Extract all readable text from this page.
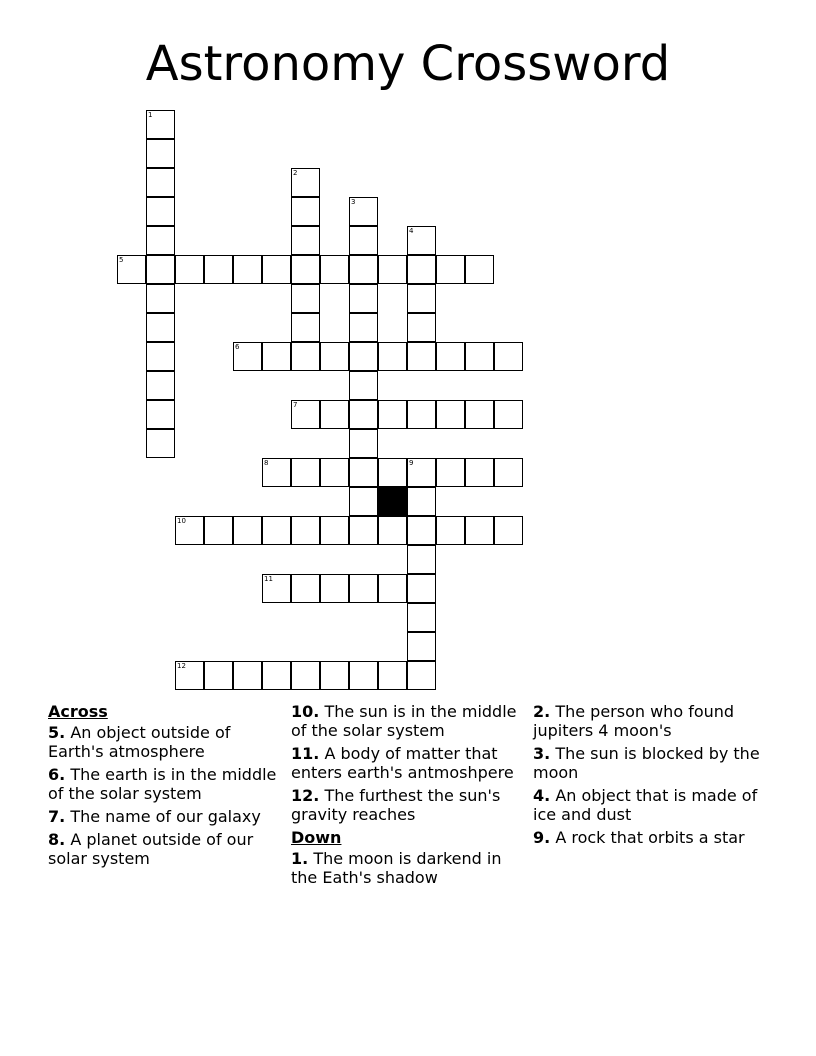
Astronomy Crossword
5
6
7
8	9
10
11
12
1
2
3
4
Across
5. An object outside of Earth's atmosphere
6. The earth is in the middle of the solar system
7. The name of our galaxy
8. A planet outside of our solar system
10. The sun is in the middle of the solar system
11. A body of matter that enters earth's antmoshpere
12. The furthest the sun's gravity reaches
Down
1. The moon is darkend in the Eath's shadow
2. The person who found jupiters 4 moon's
3. The sun is blocked by the moon
4. An object that is made of ice and dust
9. A rock that orbits a star
